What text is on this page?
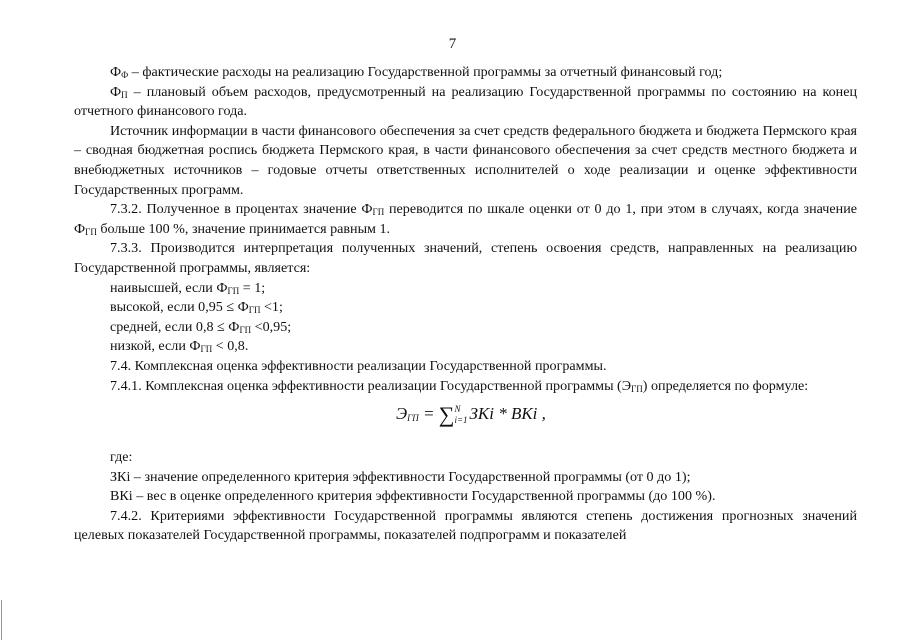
7

$Ф_Ф$ – фактические расходы на реализацию Государственной программы за отчетный финансовый год;

$Ф_П$ – плановый объем расходов, предусмотренный на реализацию Государственной программы по состоянию на конец отчетного финансового года.

Источник информации в части финансового обеспечения за счет средств федерального бюджета и бюджета Пермского края – сводная бюджетная роспись бюджета Пермского края, в части финансового обеспечения за счет средств местного бюджета и внебюджетных источников – годовые отчеты ответственных исполнителей о ходе реализации и оценке эффективности Государственных программ.

7.3.2. Полученное в процентах значение $Ф_{ГП}$ переводится по шкале оценки от 0 до 1, при этом в случаях, когда значение $Ф_{ГП}$ больше 100 %, значение принимается равным 1.

7.3.3. Производится интерпретация полученных значений, степень освоения средств, направленных на реализацию Государственной программы, является:

наивысшей, если $Ф_{ГП} = 1$;

высокой, если $0,95 \le Ф_{ГП} <1$;

средней, если $0,8 \le Ф_{ГП} <0,95$;

низкой, если $Ф_{ГП} < 0,8$.

7.4. Комплексная оценка эффективности реализации Государственной программы.

7.4.1. Комплексная оценка эффективности реализации Государственной программы $(Э_{ГП})$ определяется по формуле:

$Э_{ГП}$ = ∑ N
i=1 ЗКi * ВКi ,

где:

ЗКi – значение определенного критерия эффективности Государственной программы (от 0 до 1);

ВКi – вес в оценке определенного критерия эффективности Государственной программы (до 100 %).

7.4.2. Критериями эффективности Государственной программы являются степень достижения прогнозных значений целевых показателей Государственной программы, показателей подпрограмм и показателей
